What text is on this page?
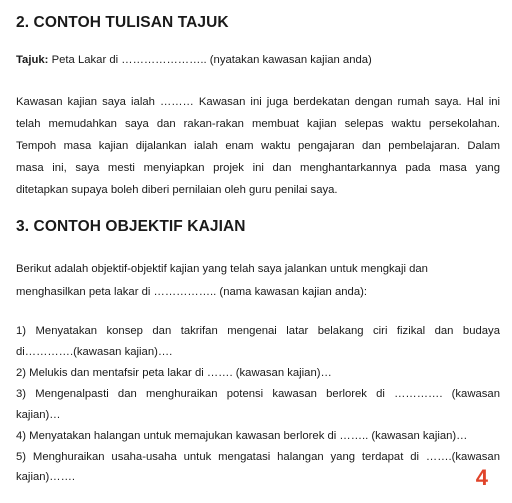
2. CONTOH TULISAN TAJUK
Tajuk: Peta Lakar di ………………….. (nyatakan kawasan kajian anda)
Kawasan kajian saya ialah ……… Kawasan ini juga berdekatan dengan rumah saya. Hal ini
telah memudahkan saya dan rakan-rakan membuat kajian selepas waktu persekolahan.
Tempoh masa kajian dijalankan ialah enam waktu pengajaran dan pembelajaran. Dalam
masa ini, saya mesti menyiapkan projek ini dan menghantarkannya pada masa yang
ditetapkan supaya boleh diberi pernilaian oleh guru penilai saya.
3. CONTOH OBJEKTIF KAJIAN
Berikut adalah objektif-objektif kajian yang telah saya jalankan untuk mengkaji dan
menghasilkan peta lakar di …………….. (nama kawasan kajian anda):
1) Menyatakan konsep dan takrifan mengenai latar belakang ciri fizikal dan budaya
di………….(kawasan kajian)….
2) Melukis dan mentafsir peta lakar di ……. (kawasan kajian)…
3) Mengenalpasti dan menghuraikan potensi kawasan berlorek di …………. (kawasan
kajian)…
4) Menyatakan halangan untuk memajukan kawasan berlorek di …….. (kawasan kajian)…
5) Menghuraikan usaha-usaha untuk mengatasi halangan yang terdapat di …….(kawasan
kajian)…….	4
